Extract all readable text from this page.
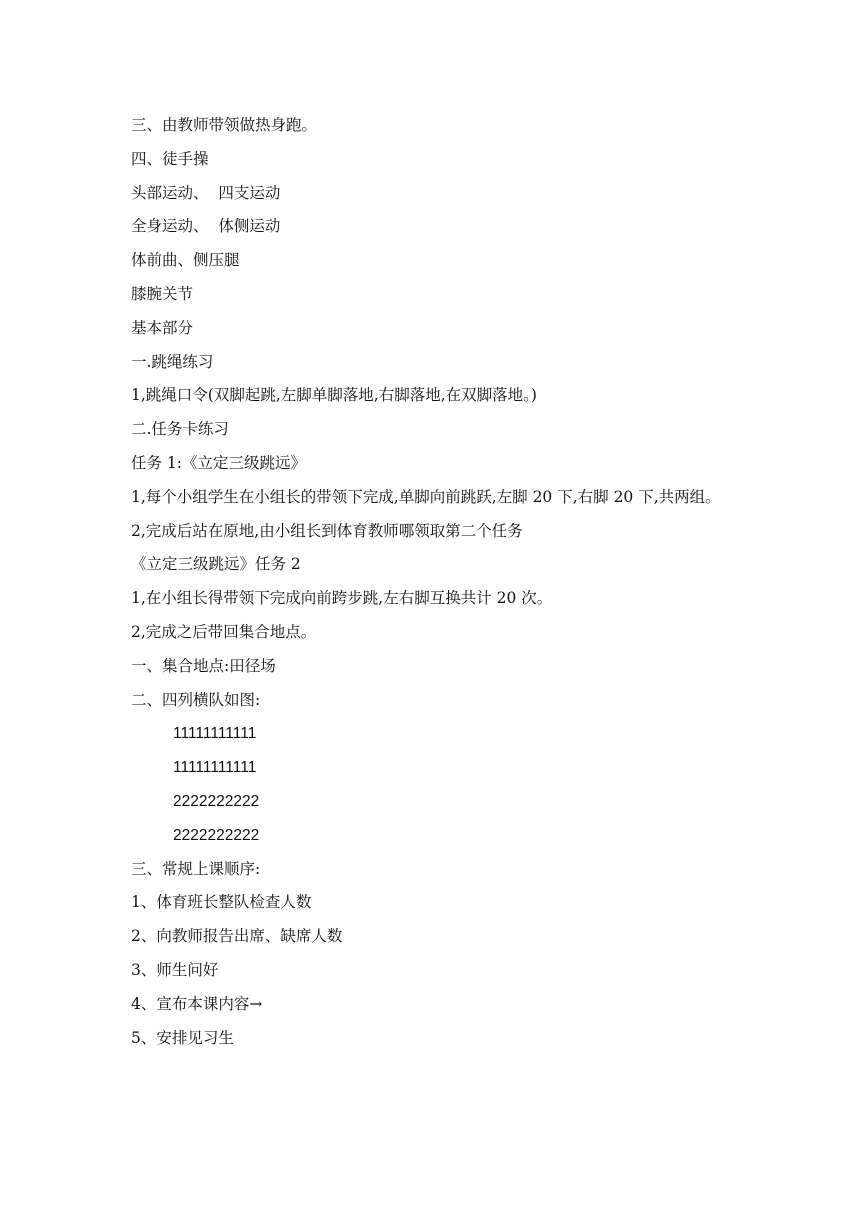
三、由教师带领做热身跑。

四、徒手操

头部运动、  四支运动

全身运动、  体侧运动

体前曲、侧压腿

膝腕关节

基本部分

一.跳绳练习

1,跳绳口令(双脚起跳,左脚单脚落地,右脚落地,在双脚落地。)

二.任务卡练习

任务 1:《立定三级跳远》

1,每个小组学生在小组长的带领下完成,单脚向前跳跃,左脚 20 下,右脚 20 下,共两组。

2,完成后站在原地,由小组长到体育教师哪领取第二个任务

《立定三级跳远》任务 2

1,在小组长得带领下完成向前跨步跳,左右脚互换共计 20 次。

2,完成之后带回集合地点。

一、集合地点:田径场

二、四列横队如图:

11111111111

11111111111

2222222222

2222222222

三、常规上课顺序:

1、体育班长整队检查人数

2、向教师报告出席、缺席人数

3、师生问好

4、宣布本课内容→

5、安排见习生
